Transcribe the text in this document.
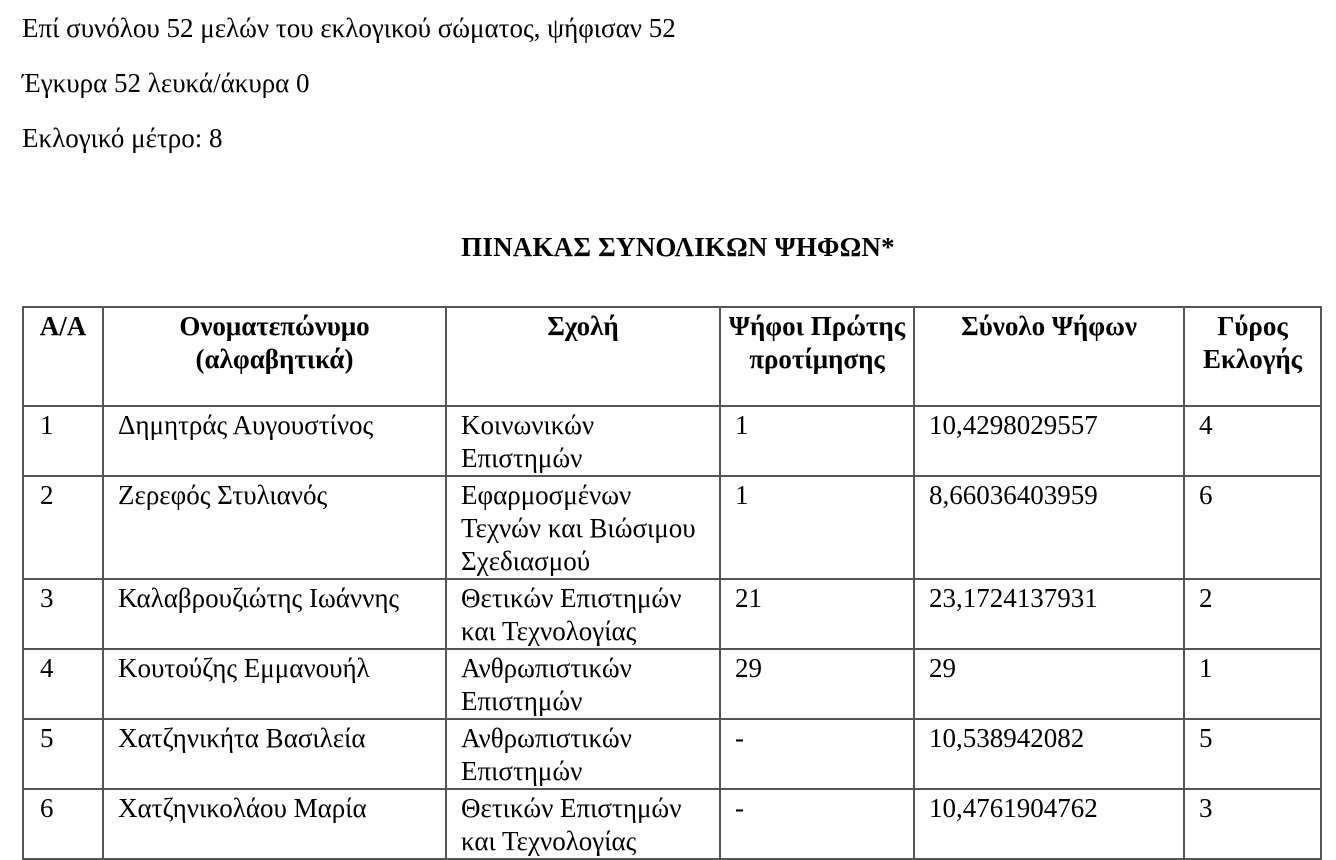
Επί συνόλου 52 μελών του εκλογικού σώματος, ψήφισαν 52
Έγκυρα 52 λευκά/άκυρα 0
Εκλογικό μέτρο: 8
ΠΙΝΑΚΑΣ ΣΥΝΟΛΙΚΩΝ ΨΗΦΩΝ*
Α/Α	Ονοματεπώνυμο (αλφαβητικά)	Σχολή	Ψήφοι Πρώτης προτίμησης	Σύνολο Ψήφων	Γύρος Εκλογής
1	Δημητράς Αυγουστίνος	Κοινωνικών Επιστημών	1	10,4298029557	4
2	Ζερεφός Στυλιανός	Εφαρμοσμένων Τεχνών και Βιώσιμου Σχεδιασμού	1	8,66036403959	6
3	Καλαβρουζιώτης Ιωάννης	Θετικών Επιστημών και Τεχνολογίας	21	23,1724137931	2
4	Κουτούζης Εμμανουήλ	Ανθρωπιστικών Επιστημών	29	29	1
5	Χατζηνικήτα Βασιλεία	Ανθρωπιστικών Επιστημών	-	10,538942082	5
6	Χατζηνικολάου Μαρία	Θετικών Επιστημών και Τεχνολογίας	-	10,4761904762	3
